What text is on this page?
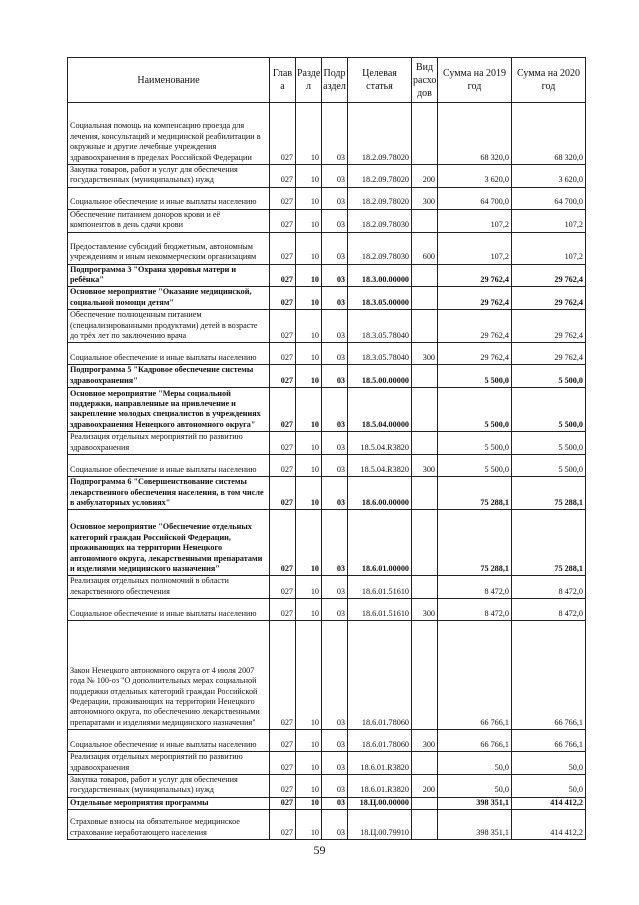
Наименование	Глав а	Разде л	Подр аздел	Целевая статья	Вид расхо дов	Сумма на 2019 год	Сумма на 2020 год
Социальная помощь на компенсацию проезда для лечения, консультаций и медицинской реабилитации в окружные и другие лечебные учреждения здравоохранения в пределах Российской Федерации	027	10	03	18.2.09.78020		68 320,0	68 320,0
Закупка товаров, работ и услуг для обеспечения государственных (муниципальных) нужд	027	10	03	18.2.09.78020	200	3 620,0	3 620,0
Социальное обеспечение и иные выплаты населению	027	10	03	18.2.09.78020	300	64 700,0	64 700,0
Обеспечение питанием доноров крови и её компонентов в день сдачи крови	027	10	03	18.2.09.78030		107,2	107,2
Предоставление субсидий бюджетным, автономным учреждениям и иным некоммерческим организациям	027	10	03	18.2.09.78030	600	107,2	107,2
Подпрограмма 3 "Охрана здоровья матери и ребёнка"	027	10	03	18.3.00.00000		29 762,4	29 762,4
Основное мероприятие "Оказание медицинской, социальной помощи детям"	027	10	03	18.3.05.00000		29 762,4	29 762,4
Обеспечение полноценным питанием (специализированными продуктами) детей в возрасте до трёх лет по заключению врача	027	10	03	18.3.05.78040		29 762,4	29 762,4
Социальное обеспечение и иные выплаты населению	027	10	03	18.3.05.78040	300	29 762,4	29 762,4
Подпрограмма 5 "Кадровое обеспечение системы здравоохранения"	027	10	03	18.5.00.00000		5 500,0	5 500,0
Основное мероприятие "Меры социальной поддержки, направленные на привлечение и закрепление молодых специалистов в учреждениях здравоохранения Ненецкого автономного округа"	027	10	03	18.5.04.00000		5 500,0	5 500,0
Реализация отдельных мероприятий по развитию здравоохранения	027	10	03	18.5.04.R3820		5 500,0	5 500,0
Социальное обеспечение и иные выплаты населению	027	10	03	18.5.04.R3820	300	5 500,0	5 500,0
Подпрограмма 6 "Совершенствование системы лекарственного обеспечения населения, в том числе в амбулаторных условиях"	027	10	03	18.6.00.00000		75 288,1	75 288,1
Основное мероприятие "Обеспечение отдельных категорий граждан Российской Федерации, проживающих на территории Ненецкого автономного округа, лекарственными препаратами и изделиями медицинского назначения"	027	10	03	18.6.01.00000		75 288,1	75 288,1
Реализация отдельных полномочий в области лекарственного обеспечения	027	10	03	18.6.01.51610		8 472,0	8 472,0
Социальное обеспечение и иные выплаты населению	027	10	03	18.6.01.51610	300	8 472,0	8 472,0
Закон Ненецкого автономного округа от 4 июля 2007 года № 100-оз "О дополнительных мерах социальной поддержки отдельных категорий граждан Российской Федерации, проживающих на территории Ненецкого автономного округа, по обеспечению лекарственными препаратами и изделиями медицинского назначения"	027	10	03	18.6.01.78060		66 766,1	66 766,1
Социальное обеспечение и иные выплаты населению	027	10	03	18.6.01.78060	300	66 766,1	66 766,1
Реализация отдельных мероприятий по развитию здравоохранения	027	10	03	18.6.01.R3820		50,0	50,0
Закупка товаров, работ и услуг для обеспечения государственных (муниципальных) нужд	027	10	03	18.6.01.R3820	200	50,0	50,0
Отдельные мероприятия программы	027	10	03	18.Ц.00.00000		398 351,1	414 412,2
Страховые взносы на обязательное медицинское страхование неработающего населения	027	10	03	18.Ц.00.79910		398 351,1	414 412,2
59
